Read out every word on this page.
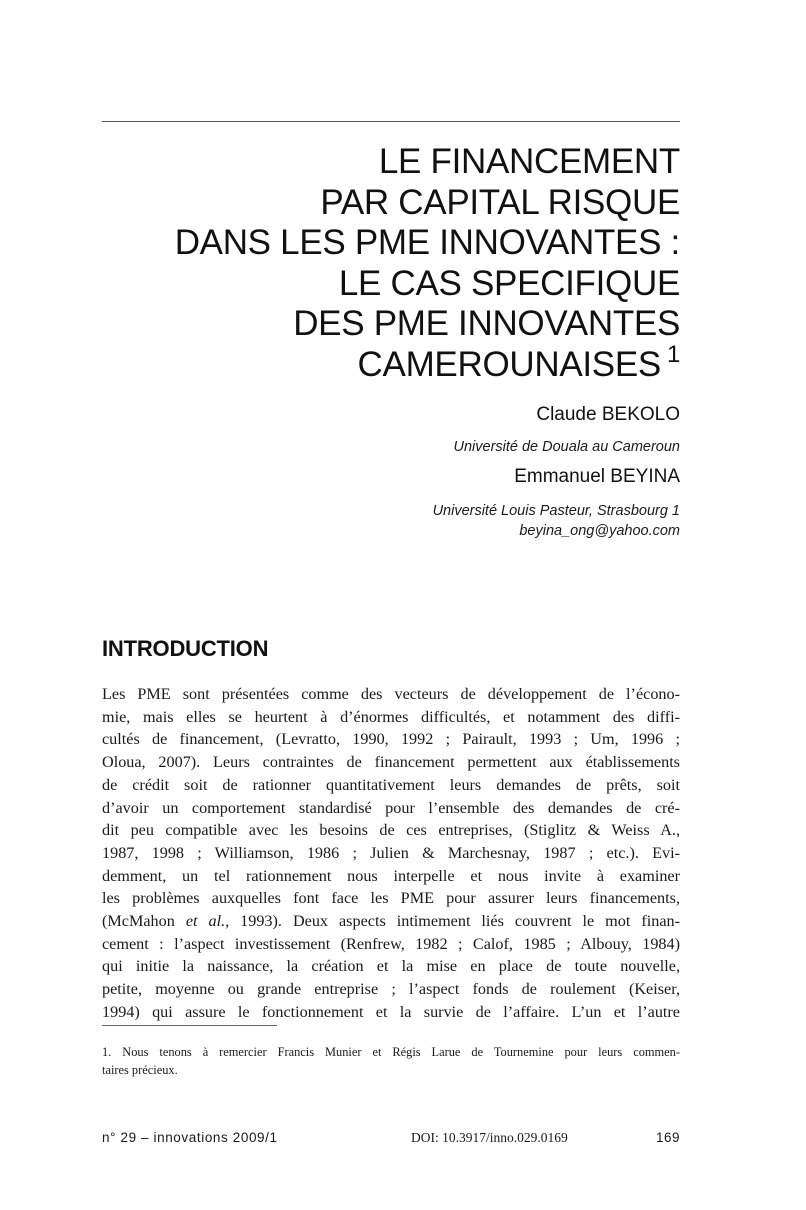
LE FINANCEMENT
PAR CAPITAL RISQUE
DANS LES PME INNOVANTES :
LE CAS SPECIFIQUE
DES PME INNOVANTES
CAMEROUNAISES $^1$
Claude BEKOLO
Université de Douala au Cameroun
Emmanuel BEYINA
Université Louis Pasteur, Strasbourg 1
beyina_ong@yahoo.com
INTRODUCTION
Les PME sont présentées comme des vecteurs de développement de l’écono-
mie, mais elles se heurtent à d’énormes difficultés, et notamment des diffi-
cultés de financement, (Levratto, 1990, 1992 ; Pairault, 1993 ; Um, 1996 ;
Oloua, 2007). Leurs contraintes de financement permettent aux établissements
de crédit soit de rationner quantitativement leurs demandes de prêts, soit
d’avoir un comportement standardisé pour l’ensemble des demandes de cré-
dit peu compatible avec les besoins de ces entreprises, (Stiglitz & Weiss A.,
1987, 1998 ; Williamson, 1986 ; Julien & Marchesnay, 1987 ; etc.). Evi-
demment, un tel rationnement nous interpelle et nous invite à examiner
les problèmes auxquelles font face les PME pour assurer leurs financements,
(McMahon et al., 1993). Deux aspects intimement liés couvrent le mot finan-
cement : l’aspect investissement (Renfrew, 1982 ; Calof, 1985 ; Albouy, 1984)
qui initie la naissance, la création et la mise en place de toute nouvelle,
petite, moyenne ou grande entreprise ; l’aspect fonds de roulement (Keiser,
1994) qui assure le fonctionnement et la survie de l’affaire. L’un et l’autre
1. Nous tenons à remercier Francis Munier et Régis Larue de Tournemine pour leurs commen-
taires précieux.
n° 29 – innovations 2009/1	DOI: 10.3917/inno.029.0169	169
